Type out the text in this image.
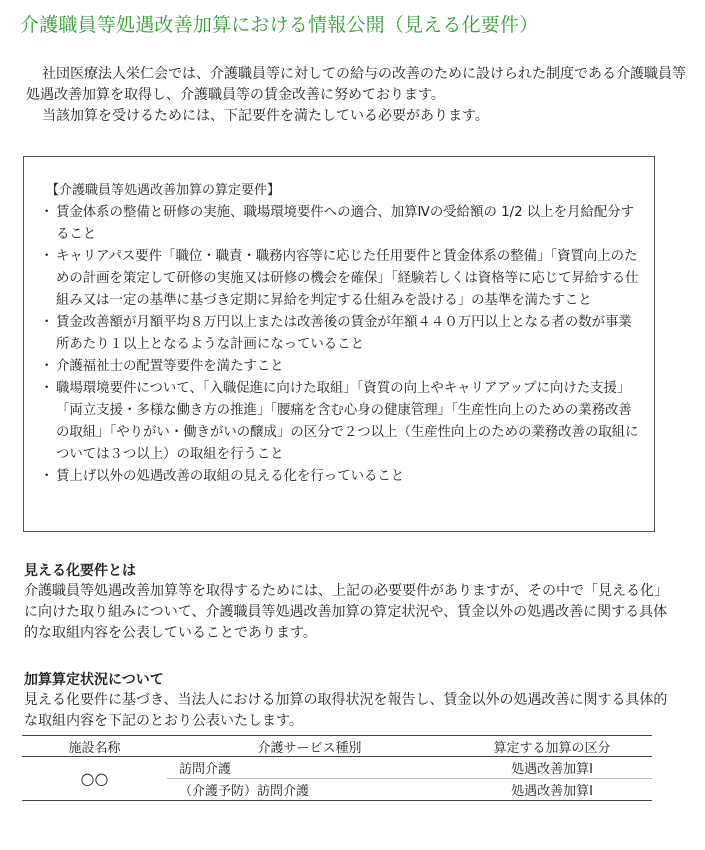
介護職員等処遇改善加算における情報公開（見える化要件）

社団医療法人栄仁会では、介護職員等に対しての給与の改善のために設けられた制度である介護職員等処遇改善加算を取得し、介護職員等の賃金改善に努めております。

当該加算を受けるためには、下記要件を満たしている必要があります。

【介護職員等処遇改善加算の算定要件】
・ 賃金体系の整備と研修の実施、職場環境要件への適合、加算Ⅳの受給額の 1/2 以上を月給配分すること
・ キャリアパス要件「職位・職責・職務内容等に応じた任用要件と賃金体系の整備」「資質向上のための計画を策定して研修の実施又は研修の機会を確保」「経験若しくは資格等に応じて昇給する仕組み又は一定の基準に基づき定期に昇給を判定する仕組みを設ける」の基準を満たすこと
・ 賃金改善額が月額平均８万円以上または改善後の賃金が年額４４０万円以上となる者の数が事業所あたり１以上となるような計画になっていること
・ 介護福祉士の配置等要件を満たすこと
・ 職場環境要件について、「入職促進に向けた取組」「資質の向上やキャリアアップに向けた支援」「両立支援・多様な働き方の推進」「腰痛を含む心身の健康管理」「生産性向上のための業務改善の取組」「やりがい・働きがいの醸成」の区分で２つ以上（生産性向上のための業務改善の取組については３つ以上）の取組を行うこと
・ 賃上げ以外の処遇改善の取組の見える化を行っていること
見える化要件とは

介護職員等処遇改善加算等を取得するためには、上記の必要要件がありますが、その中で「見える化」に向けた取り組みについて、介護職員等処遇改善加算の算定状況や、賃金以外の処遇改善に関する具体的な取組内容を公表していることであります。

加算算定状況について

見える化要件に基づき、当法人における加算の取得状況を報告し、賃金以外の処遇改善に関する具体的な取組内容を下記のとおり公表いたします。

施設名称	介護サービス種別	算定する加算の区分
○○	訪問介護	処遇改善加算Ⅰ
	（介護予防）訪問介護	処遇改善加算Ⅰ
